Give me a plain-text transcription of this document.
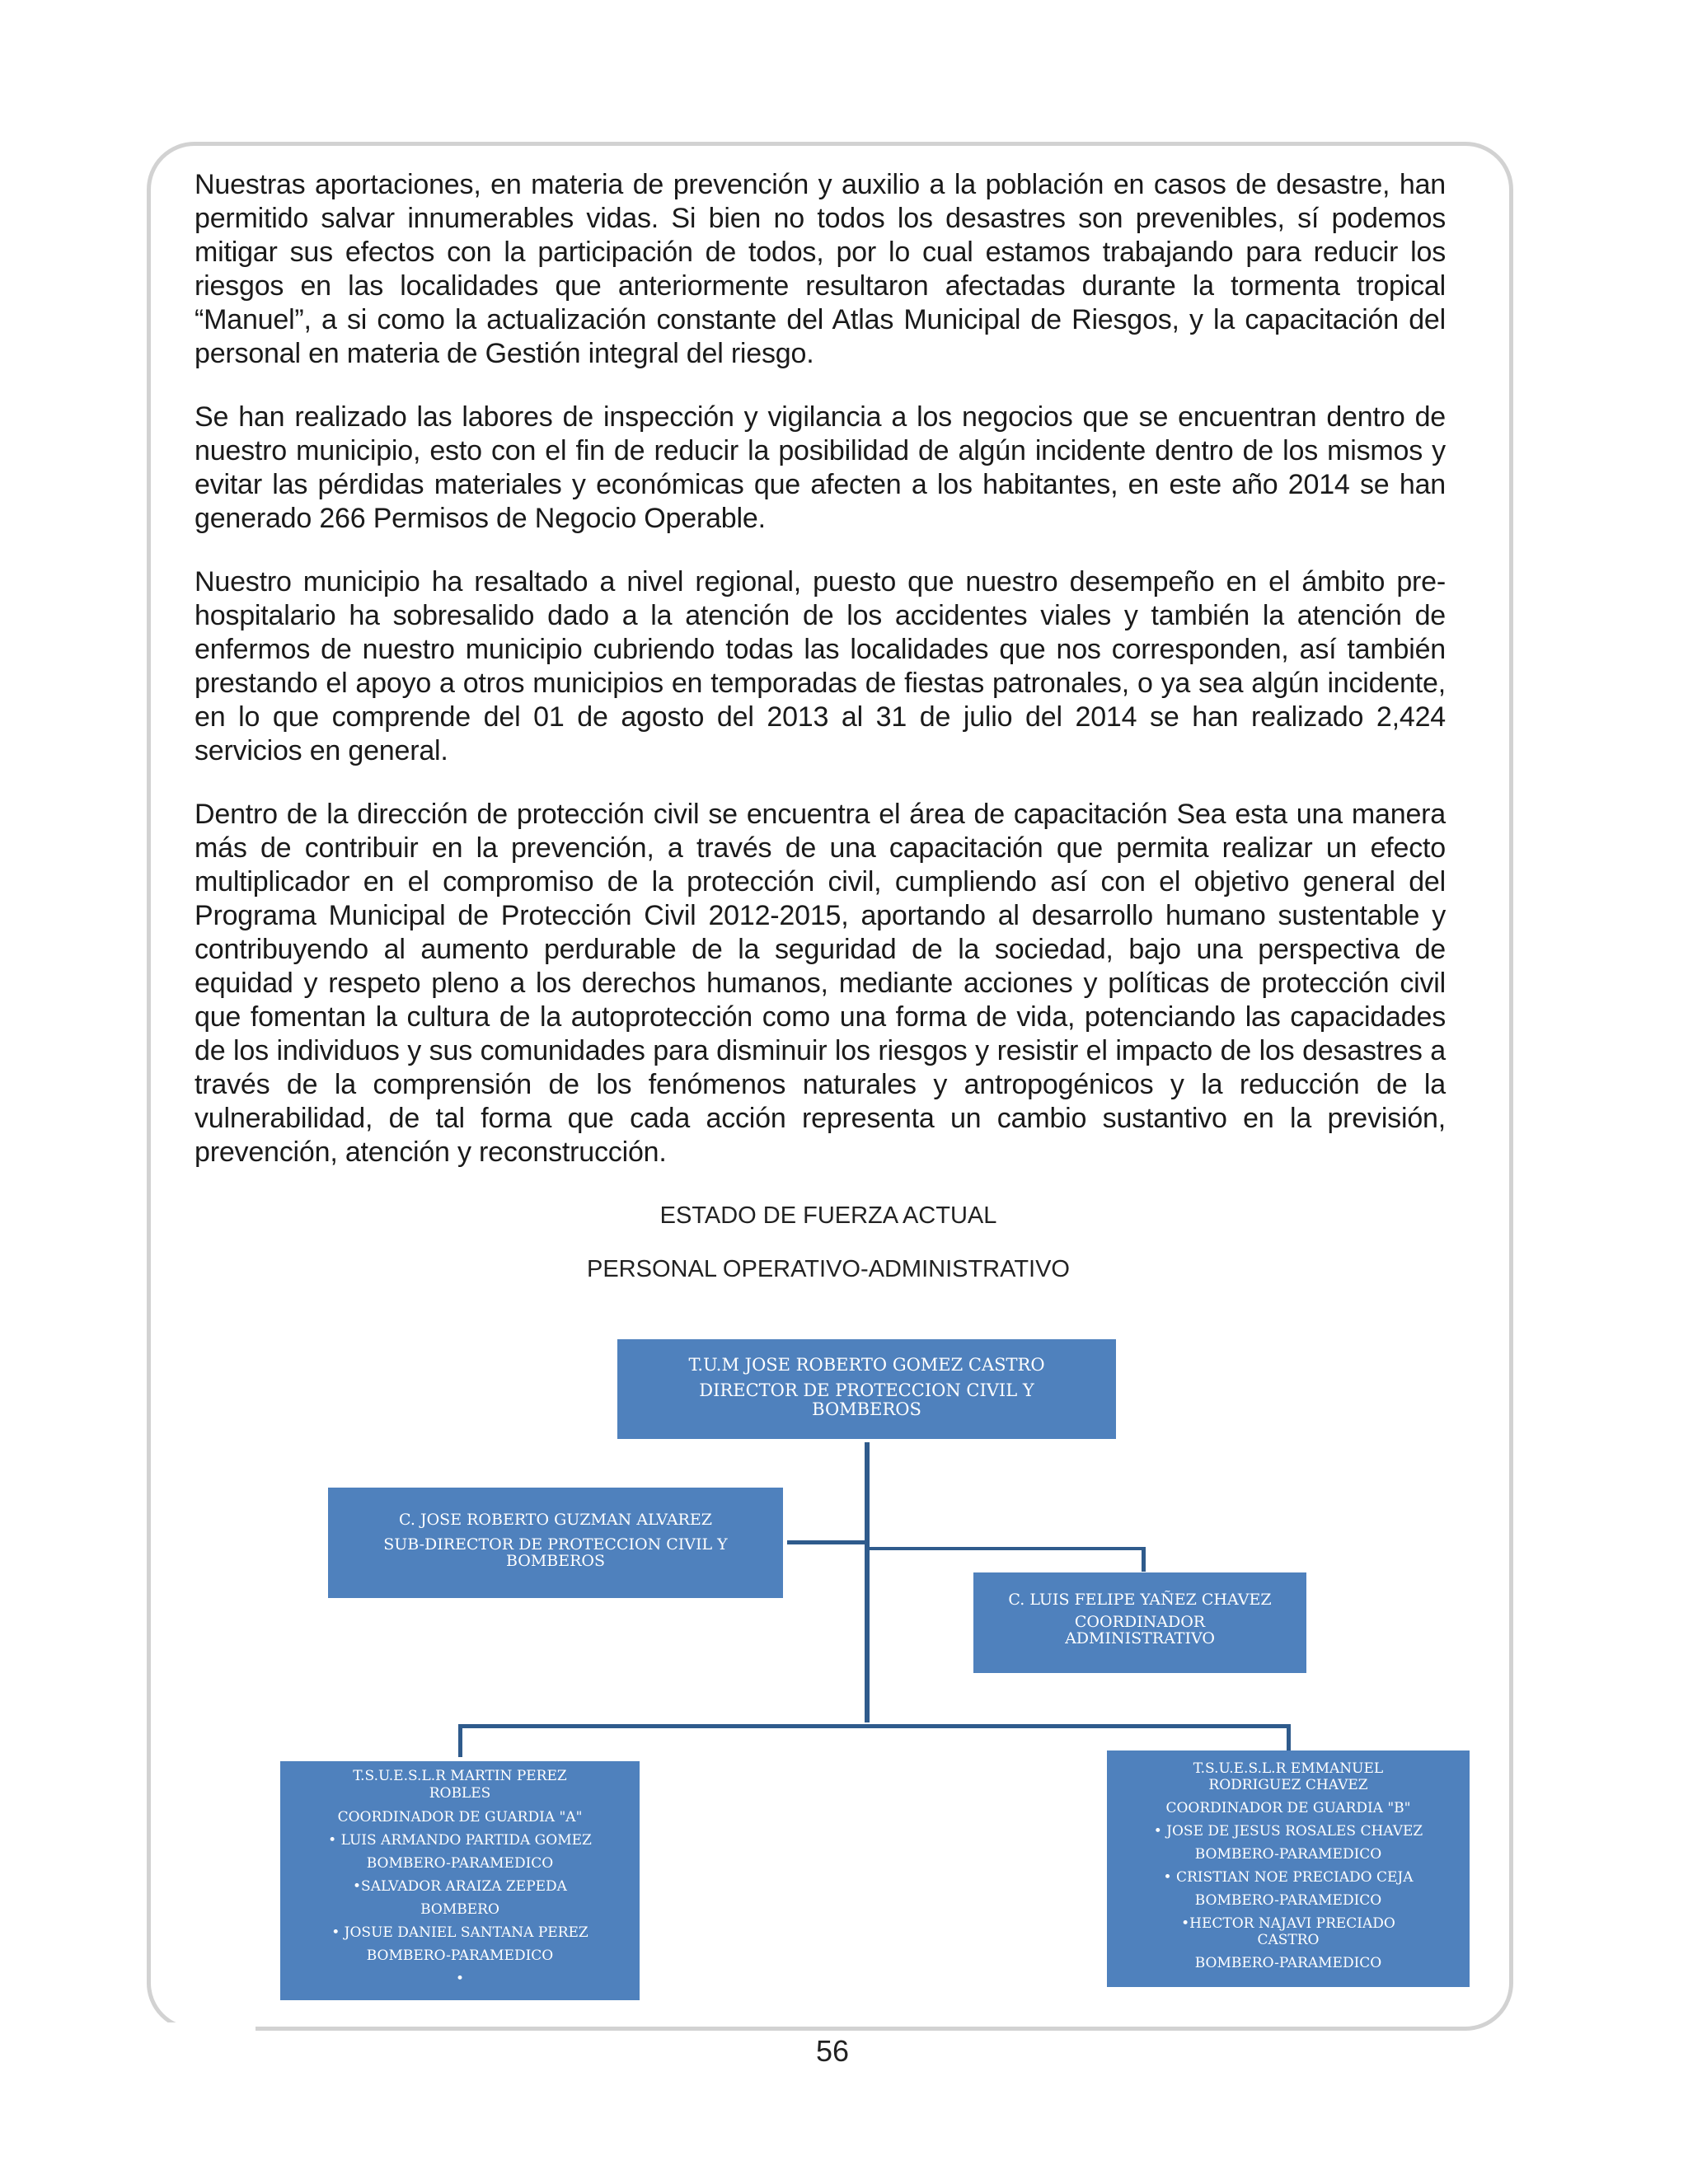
Nuestras aportaciones, en materia de prevención y auxilio a la población en casos de desastre, han permitido salvar innumerables vidas. Si bien no todos los desastres son prevenibles, sí podemos mitigar sus efectos con la participación de todos, por lo cual estamos trabajando para reducir los riesgos en las localidades que anteriormente resultaron afectadas durante la tormenta tropical “Manuel”, a si como la actualización constante del Atlas Municipal de Riesgos, y la capacitación del personal en materia de Gestión integral del riesgo.

Se han realizado las labores de inspección y vigilancia a los negocios que se encuentran dentro de nuestro municipio, esto con el fin de reducir la posibilidad de algún incidente dentro de los mismos y evitar las pérdidas materiales y económicas que afecten a los habitantes, en este año 2014 se han generado 266 Permisos de Negocio Operable.

Nuestro municipio ha resaltado a nivel regional, puesto que nuestro desempeño en el ámbito pre-hospitalario ha sobresalido dado a la atención de los accidentes viales y también la atención de enfermos de nuestro municipio cubriendo todas las localidades que nos corresponden, así también prestando el apoyo a otros municipios en temporadas de fiestas patronales, o ya sea algún incidente, en lo que comprende del 01 de agosto del 2013 al 31 de julio del 2014 se han realizado 2,424 servicios en general.

Dentro de la dirección de protección civil se encuentra el área de capacitación Sea esta una manera más de contribuir en la prevención, a través de una capacitación que permita realizar un efecto multiplicador en el compromiso de la protección civil, cumpliendo así con el objetivo general del Programa Municipal de Protección Civil 2012-2015, aportando al desarrollo humano sustentable y contribuyendo al aumento perdurable de la seguridad de la sociedad, bajo una perspectiva de equidad y respeto pleno a los derechos humanos, mediante acciones y políticas de protección civil que fomentan la cultura de la autoprotección como una forma de vida, potenciando las capacidades de los individuos y sus comunidades para disminuir los riesgos y resistir el impacto de los desastres a través de la comprensión de los fenómenos naturales y antropogénicos y la reducción de la vulnerabilidad, de tal forma que cada acción representa un cambio sustantivo en la previsión, prevención, atención y reconstrucción.

ESTADO DE FUERZA ACTUAL
PERSONAL OPERATIVO-ADMINISTRATIVO
T.U.M JOSE ROBERTO GOMEZ CASTRO
DIRECTOR DE PROTECCION CIVIL Y
BOMBEROS
C. JOSE ROBERTO GUZMAN ALVAREZ
SUB-DIRECTOR DE PROTECCION CIVIL Y
BOMBEROS
C. LUIS FELIPE YAÑEZ CHAVEZ
COORDINADOR
ADMINISTRATIVO
T.S.U.E.S.L.R MARTIN PEREZ
ROBLES
COORDINADOR DE GUARDIA "A"
• LUIS ARMANDO PARTIDA GOMEZ
BOMBERO-PARAMEDICO
•SALVADOR ARAIZA ZEPEDA
BOMBERO
• JOSUE DANIEL SANTANA PEREZ
BOMBERO-PARAMEDICO
•
T.S.U.E.S.L.R EMMANUEL
RODRIGUEZ CHAVEZ
COORDINADOR DE GUARDIA "B"
• JOSE DE JESUS ROSALES CHAVEZ
BOMBERO-PARAMEDICO
• CRISTIAN NOE PRECIADO CEJA
BOMBERO-PARAMEDICO
•HECTOR NAJAVI PRECIADO
CASTRO
BOMBERO-PARAMEDICO
56
